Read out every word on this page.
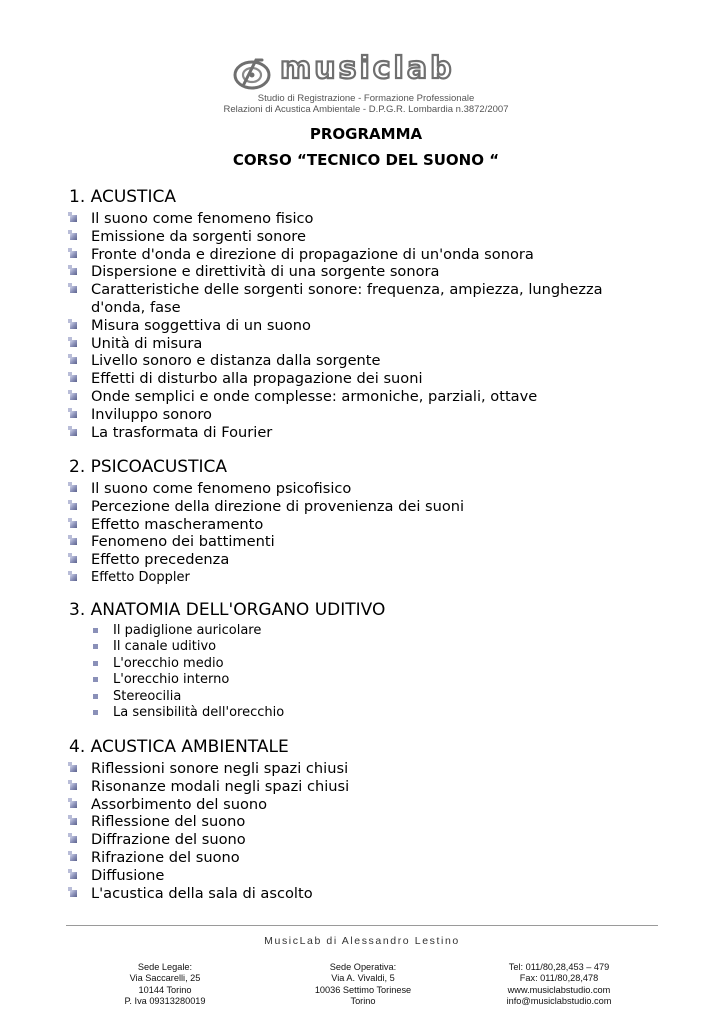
musiclab
Studio di Registrazione - Formazione Professionale
Relazioni di Acustica Ambientale - D.P.G.R. Lombardia n.3872/2007
PROGRAMMA
CORSO “TECNICO DEL SUONO “
1. ACUSTICA
Il suono come fenomeno fisico
Emissione da sorgenti sonore
Fronte d'onda e direzione di propagazione di un'onda sonora
Dispersione e direttività di una sorgente sonora
Caratteristiche delle sorgenti sonore: frequenza, ampiezza, lunghezza d'onda, fase
Misura soggettiva di un suono
Unità di misura
Livello sonoro e distanza dalla sorgente
Effetti di disturbo alla propagazione dei suoni
Onde semplici e onde complesse: armoniche, parziali, ottave
Inviluppo sonoro
La trasformata di Fourier
2. PSICOACUSTICA
Il suono come fenomeno psicofisico
Percezione della direzione di provenienza dei suoni
Effetto mascheramento
Fenomeno dei battimenti
Effetto precedenza
Effetto Doppler
3. ANATOMIA DELL'ORGANO UDITIVO
Il padiglione auricolare
Il canale uditivo
L'orecchio medio
L'orecchio interno
Stereocilia
La sensibilità dell'orecchio
4. ACUSTICA AMBIENTALE
Riflessioni sonore negli spazi chiusi
Risonanze modali negli spazi chiusi
Assorbimento del suono
Riflessione del suono
Diffrazione del suono
Rifrazione del suono
Diffusione
L'acustica della sala di ascolto
MusicLab di Alessandro Lestino
Sede Legale:
Via Saccarelli, 25
10144 Torino
P. Iva 09313280019
Sede Operativa:
Via A. Vivaldi, 5
10036 Settimo Torinese
Torino
Tel: 011/80,28,453 – 479
Fax: 011/80,28,478
www.musiclabstudio.com
info@musiclabstudio.com
